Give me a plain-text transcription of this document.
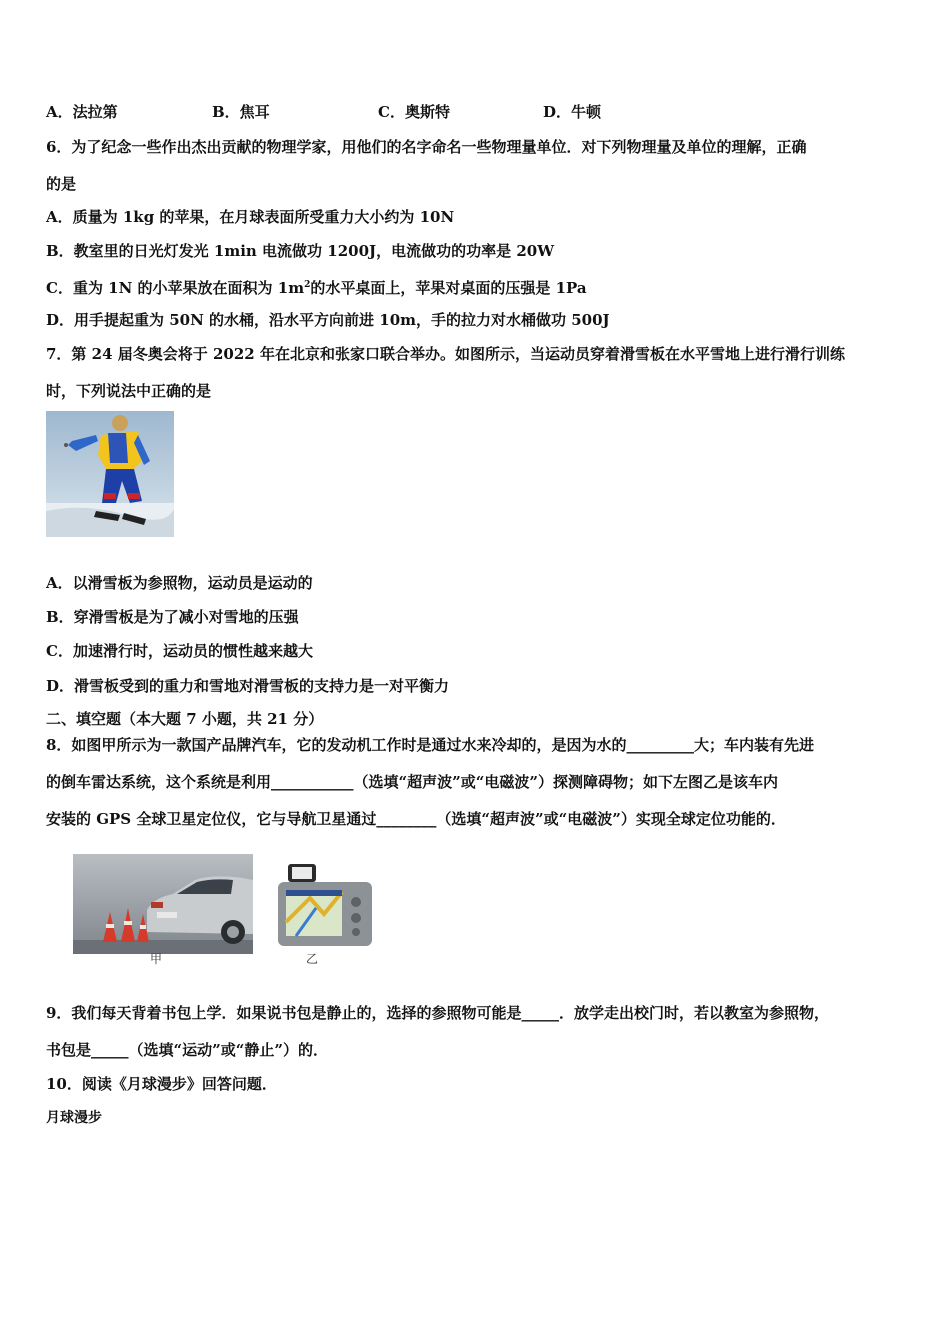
A．法拉第	B．焦耳	C．奥斯特	D．牛顿
6．为了纪念一些作出杰出贡献的物理学家，用他们的名字命名一些物理量单位．对下列物理量及单位的理解，正确
的是
A．质量为 1kg 的苹果，在月球表面所受重力大小约为 10N
B．教室里的日光灯发光 1min 电流做功 1200J，电流做功的功率是 20W
C．重为 1N 的小苹果放在面积为 $1m^2$的水平桌面上，苹果对桌面的压强是 1Pa
D．用手提起重为 50N 的水桶，沿水平方向前进 10m，手的拉力对水桶做功 500J
7．第 24 届冬奥会将于 2022 年在北京和张家口联合举办。如图所示，当运动员穿着滑雪板在水平雪地上进行滑行训练
时，下列说法中正确的是
A．以滑雪板为参照物，运动员是运动的
B．穿滑雪板是为了减小对雪地的压强
C．加速滑行时，运动员的惯性越来越大
D．滑雪板受到的重力和雪地对滑雪板的支持力是一对平衡力
二、填空题（本大题 7 小题，共 21 分）
8．如图甲所示为一款国产品牌汽车，它的发动机工作时是通过水来冷却的，是因为水的_________大；车内装有先进
的倒车雷达系统，这个系统是利用___________（选填“超声波”或“电磁波”）探测障碍物；如下左图乙是该车内
安装的 GPS 全球卫星定位仪，它与导航卫星通过________（选填“超声波”或“电磁波”）实现全球定位功能的．
甲	乙
9．我们每天背着书包上学．如果说书包是静止的，选择的参照物可能是_____．放学走出校门时，若以教室为参照物，
书包是_____（选填“运动”或“静止”）的．
10．阅读《月球漫步》回答问题．
月球漫步
